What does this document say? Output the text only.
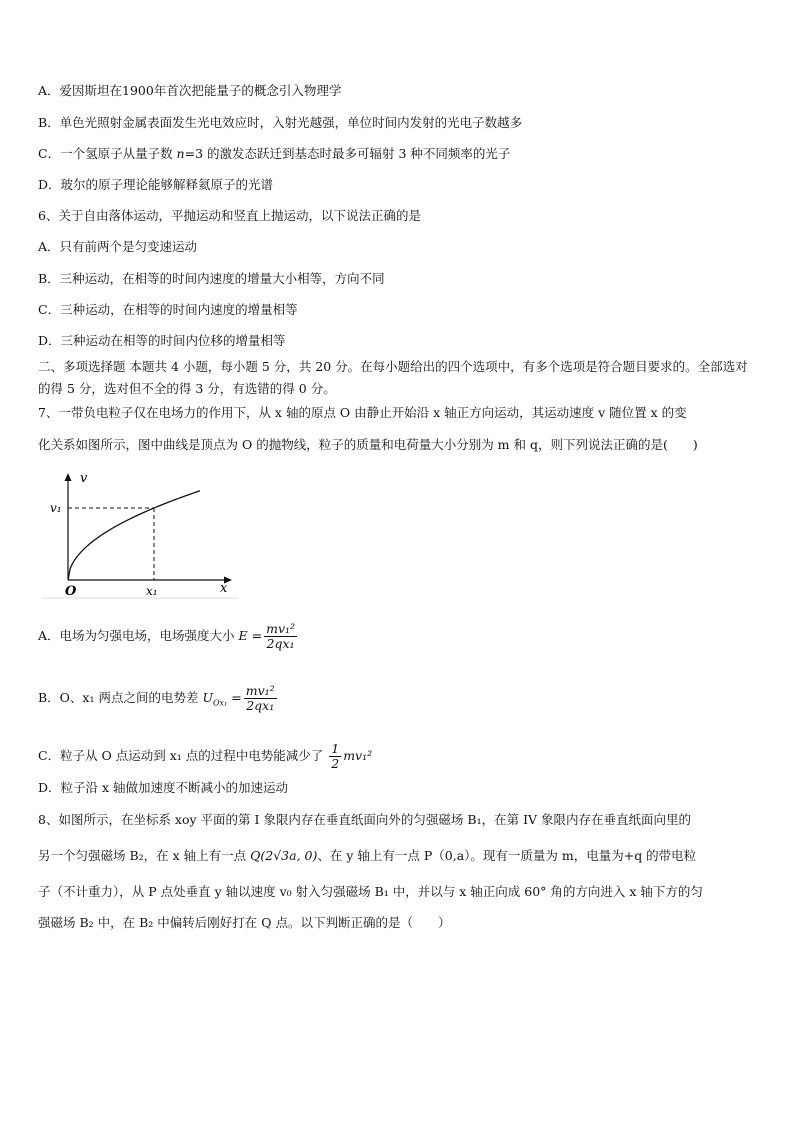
A．爱因斯坦在1900年首次把能量子的概念引入物理学
B．单色光照射金属表面发生光电效应时，入射光越强，单位时间内发射的光电子数越多
C．一个氢原子从量子数 n=3 的激发态跃迁到基态时最多可辐射 3 种不同频率的光子
D．玻尔的原子理论能够解释氦原子的光谱
6、关于自由落体运动，平抛运动和竖直上抛运动，以下说法正确的是
A．只有前两个是匀变速运动
B．三种运动，在相等的时间内速度的增量大小相等，方向不同
C．三种运动，在相等的时间内速度的增量相等
D．三种运动在相等的时间内位移的增量相等
二、多项选择题 本题共 4 小题，每小题 5 分，共 20 分。在每小题给出的四个选项中，有多个选项是符合题目要求的。全部选对的得 5 分，选对但不全的得 3 分，有选错的得 0 分。
7、一带负电粒子仅在电场力的作用下，从 x 轴的原点 O 由静止开始沿 x 轴正方向运动，其运动速度 v 随位置 x 的变
化关系如图所示，图中曲线是顶点为 O 的抛物线，粒子的质量和电荷量大小分别为 m 和 q，则下列说法正确的是(　　)
v
x
O
v₁
x₁
A．电场为匀强电场，电场强度大小 $E = \frac{\text{mv₁²}}{\text{2qx₁}}$
B．O、x₁ 两点之间的电势差 $U_{Ox_1} = \frac{\text{mv₁²}}{\text{2qx₁}}$
C．粒子从 O 点运动到 x₁ 点的过程中电势能减少了 $\frac{1}{2} mv_1^2$
D．粒子沿 x 轴做加速度不断减小的加速运动
8、如图所示，在坐标系 xoy 平面的第 I 象限内存在垂直纸面向外的匀强磁场 B₁，在第 IV 象限内存在垂直纸面向里的
另一个匀强磁场 B₂，在 x 轴上有一点 Q(2√3a, 0)、在 y 轴上有一点 P（0,a）。现有一质量为 m，电量为+q 的带电粒
子（不计重力），从 P 点处垂直 y 轴以速度 v₀ 射入匀强磁场 B₁ 中，并以与 x 轴正向成 60° 角的方向进入 x 轴下方的匀
强磁场 B₂ 中，在 B₂ 中偏转后刚好打在 Q 点。以下判断正确的是（　　）
